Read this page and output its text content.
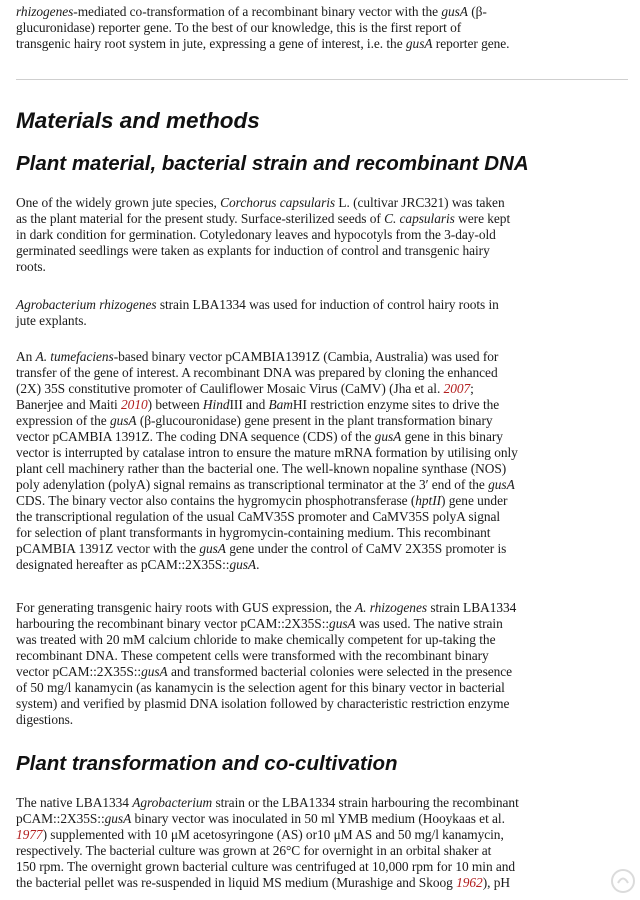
rhizogenes-mediated co-transformation of a recombinant binary vector with the gusA (β-
glucuronidase) reporter gene. To the best of our knowledge, this is the first report of
transgenic hairy root system in jute, expressing a gene of interest, i.e. the gusA reporter gene.
Materials and methods
Plant material, bacterial strain and recombinant DNA
One of the widely grown jute species, Corchorus capsularis L. (cultivar JRC321) was taken
as the plant material for the present study. Surface-sterilized seeds of C. capsularis were kept
in dark condition for germination. Cotyledonary leaves and hypocotyls from the 3-day-old
germinated seedlings were taken as explants for induction of control and transgenic hairy
roots.
Agrobacterium rhizogenes strain LBA1334 was used for induction of control hairy roots in
jute explants.
An A. tumefaciens-based binary vector pCAMBIA1391Z (Cambia, Australia) was used for
transfer of the gene of interest. A recombinant DNA was prepared by cloning the enhanced
(2X) 35S constitutive promoter of Cauliflower Mosaic Virus (CaMV) (Jha et al. 2007;
Banerjee and Maiti 2010) between HindIII and BamHI restriction enzyme sites to drive the
expression of the gusA (β-glucouronidase) gene present in the plant transformation binary
vector pCAMBIA 1391Z. The coding DNA sequence (CDS) of the gusA gene in this binary
vector is interrupted by catalase intron to ensure the mature mRNA formation by utilising only
plant cell machinery rather than the bacterial one. The well-known nopaline synthase (NOS)
poly adenylation (polyA) signal remains as transcriptional terminator at the 3′ end of the gusA
CDS. The binary vector also contains the hygromycin phosphotransferase (hptII) gene under
the transcriptional regulation of the usual CaMV35S promoter and CaMV35S polyA signal
for selection of plant transformants in hygromycin-containing medium. This recombinant
pCAMBIA 1391Z vector with the gusA gene under the control of CaMV 2X35S promoter is
designated hereafter as pCAM::2X35S::gusA.
For generating transgenic hairy roots with GUS expression, the A. rhizogenes strain LBA1334
harbouring the recombinant binary vector pCAM::2X35S::gusA was used. The native strain
was treated with 20 mM calcium chloride to make chemically competent for up-taking the
recombinant DNA. These competent cells were transformed with the recombinant binary
vector pCAM::2X35S::gusA and transformed bacterial colonies were selected in the presence
of 50 mg/l kanamycin (as kanamycin is the selection agent for this binary vector in bacterial
system) and verified by plasmid DNA isolation followed by characteristic restriction enzyme
digestions.
Plant transformation and co-cultivation
The native LBA1334 Agrobacterium strain or the LBA1334 strain harbouring the recombinant
pCAM::2X35S::gusA binary vector was inoculated in 50 ml YMB medium (Hooykaas et al.
1977) supplemented with 10 μM acetosyringone (AS) or10 μM AS and 50 mg/l kanamycin,
respectively. The bacterial culture was grown at 26°C for overnight in an orbital shaker at
150 rpm. The overnight grown bacterial culture was centrifuged at 10,000 rpm for 10 min and
the bacterial pellet was re-suspended in liquid MS medium (Murashige and Skoog 1962), pH
